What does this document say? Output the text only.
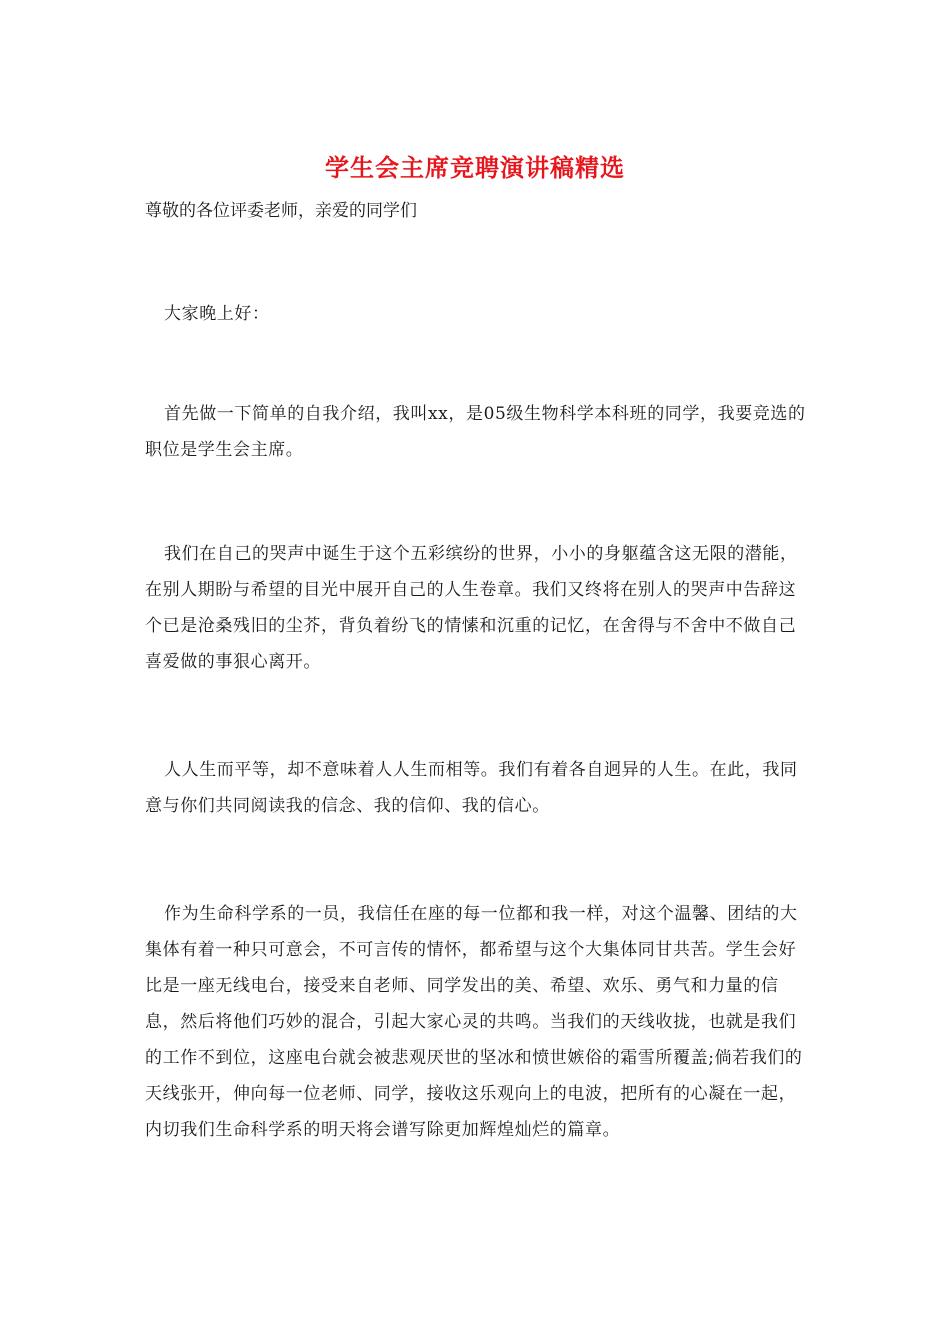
学生会主席竞聘演讲稿精选
尊敬的各位评委老师，亲爱的同学们

大家晚上好：

首先做一下简单的自我介绍，我叫xx，是05级生物科学本科班的同学，我要竞选的职位是学生会主席。

我们在自己的哭声中诞生于这个五彩缤纷的世界，小小的身躯蕴含这无限的潜能，在别人期盼与希望的目光中展开自己的人生卷章。我们又终将在别人的哭声中告辞这个已是沧桑残旧的尘芥，背负着纷飞的情愫和沉重的记忆，在舍得与不舍中不做自己喜爱做的事狠心离开。

人人生而平等，却不意味着人人生而相等。我们有着各自迥异的人生。在此，我同意与你们共同阅读我的信念、我的信仰、我的信心。

作为生命科学系的一员，我信任在座的每一位都和我一样，对这个温馨、团结的大集体有着一种只可意会，不可言传的情怀，都希望与这个大集体同甘共苦。学生会好比是一座无线电台，接受来自老师、同学发出的美、希望、欢乐、勇气和力量的信息，然后将他们巧妙的混合，引起大家心灵的共鸣。当我们的天线收拢，也就是我们的工作不到位，这座电台就会被悲观厌世的坚冰和愤世嫉俗的霜雪所覆盖;倘若我们的天线张开，伸向每一位老师、同学，接收这乐观向上的电波，把所有的心凝在一起，内切我们生命科学系的明天将会谱写除更加辉煌灿烂的篇章。
